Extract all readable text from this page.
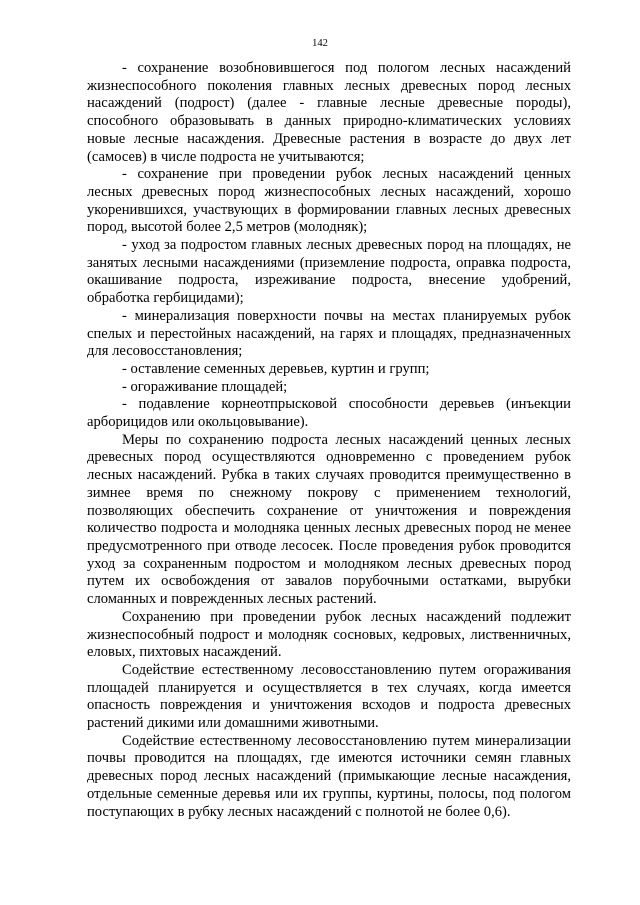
142

- сохранение возобновившегося под пологом лесных насаждений жизнеспособного поколения главных лесных древесных пород лесных насаждений (подрост) (далее - главные лесные древесные породы), способного образовывать в данных природно-климатических условиях новые лесные насаждения. Древесные растения в возрасте до двух лет (самосев) в числе подроста не учитываются;

- сохранение при проведении рубок лесных насаждений ценных лесных древесных пород жизнеспособных лесных насаждений, хорошо укоренившихся, участвующих в формировании главных лесных древесных пород, высотой более 2,5 метров (молодняк);

- уход за подростом главных лесных древесных пород на площадях, не занятых лесными насаждениями (приземление подроста, оправка подроста, окашивание подроста, изреживание подроста, внесение удобрений, обработка гербицидами);

- минерализация поверхности почвы на местах планируемых рубок спелых и перестойных насаждений, на гарях и площадях, предназначенных для лесовосстановления;

- оставление семенных деревьев, куртин и групп;

- огораживание площадей;

- подавление корнеотпрысковой способности деревьев (инъекции арборицидов или окольцовывание).

Меры по сохранению подроста лесных насаждений ценных лесных древесных пород осуществляются одновременно с проведением рубок лесных насаждений. Рубка в таких случаях проводится преимущественно в зимнее время по снежному покрову с применением технологий, позволяющих обеспечить сохранение от уничтожения и повреждения количество подроста и молодняка ценных лесных древесных пород не менее предусмотренного при отводе лесосек. После проведения рубок проводится уход за сохраненным подростом и молодняком лесных древесных пород путем их освобождения от завалов порубочными остатками, вырубки сломанных и поврежденных лесных растений.

Сохранению при проведении рубок лесных насаждений подлежит жизнеспособный подрост и молодняк сосновых, кедровых, лиственничных, еловых, пихтовых насаждений.

Содействие естественному лесовосстановлению путем огораживания площадей планируется и осуществляется в тех случаях, когда имеется опасность повреждения и уничтожения всходов и подроста древесных растений дикими или домашними животными.

Содействие естественному лесовосстановлению путем минерализации почвы проводится на площадях, где имеются источники семян главных древесных пород лесных насаждений (примыкающие лесные насаждения, отдельные семенные деревья или их группы, куртины, полосы, под пологом поступающих в рубку лесных насаждений с полнотой не более 0,6).
